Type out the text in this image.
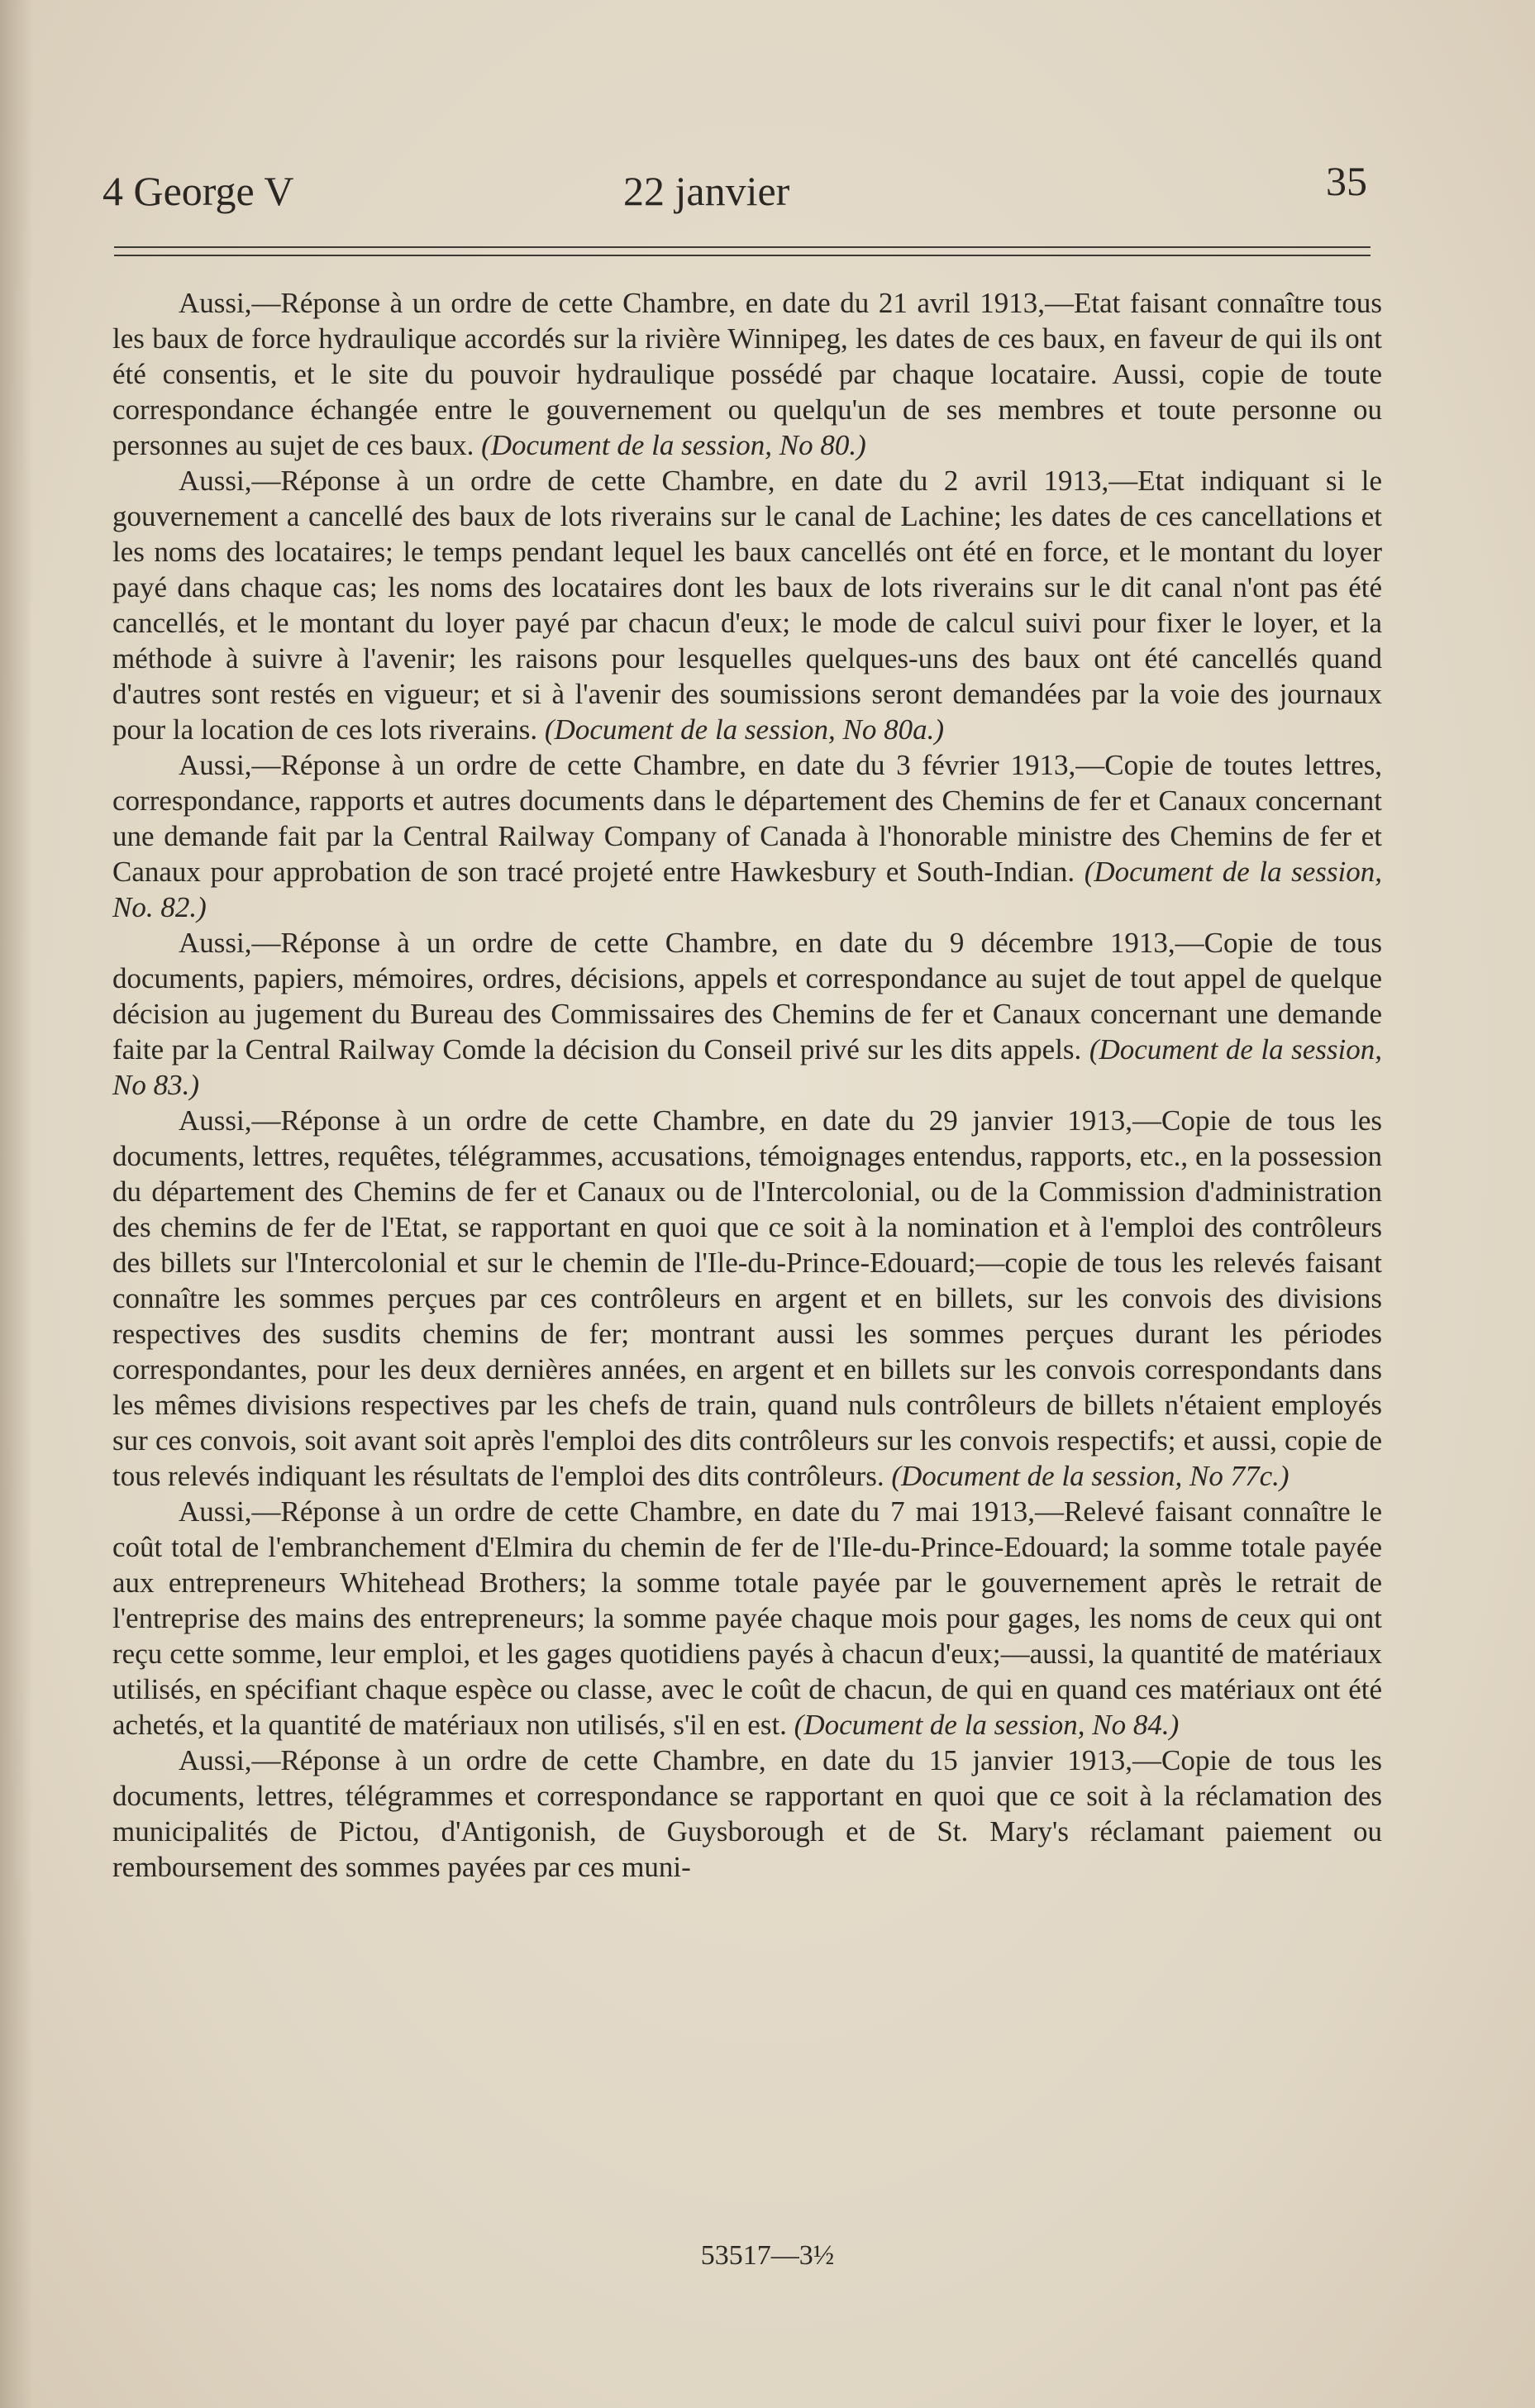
4 George V	22 janvier	35

Aussi,—Réponse à un ordre de cette Chambre, en date du 21 avril 1913,—Etat faisant connaître tous les baux de force hydraulique accordés sur la rivière Winnipeg, les dates de ces baux, en faveur de qui ils ont été consentis, et le site du pouvoir hydraulique possédé par chaque locataire. Aussi, copie de toute correspondance échangée entre le gouvernement ou quelqu'un de ses membres et toute personne ou personnes au sujet de ces baux. (Document de la session, No 80.)

Aussi,—Réponse à un ordre de cette Chambre, en date du 2 avril 1913,—Etat indiquant si le gouvernement a cancellé des baux de lots riverains sur le canal de Lachine; les dates de ces cancellations et les noms des locataires; le temps pendant lequel les baux cancellés ont été en force, et le montant du loyer payé dans chaque cas; les noms des locataires dont les baux de lots riverains sur le dit canal n'ont pas été cancellés, et le montant du loyer payé par chacun d'eux; le mode de calcul suivi pour fixer le loyer, et la méthode à suivre à l'avenir; les raisons pour lesquelles quelques-uns des baux ont été cancellés quand d'autres sont restés en vigueur; et si à l'avenir des soumissions seront demandées par la voie des journaux pour la location de ces lots riverains. (Document de la session, No 80a.)

Aussi,—Réponse à un ordre de cette Chambre, en date du 3 février 1913,—Copie de toutes lettres, correspondance, rapports et autres documents dans le département des Chemins de fer et Canaux concernant une demande fait par la Central Railway Company of Canada à l'honorable ministre des Chemins de fer et Canaux pour approbation de son tracé projeté entre Hawkesbury et South-Indian. (Document de la session, No. 82.)

Aussi,—Réponse à un ordre de cette Chambre, en date du 9 décembre 1913,—Copie de tous documents, papiers, mémoires, ordres, décisions, appels et correspondance au sujet de tout appel de quelque décision au jugement du Bureau des Commissaires des Chemins de fer et Canaux concernant une demande faite par la Central Railway Comde la décision du Conseil privé sur les dits appels. (Document de la session, No 83.)

Aussi,—Réponse à un ordre de cette Chambre, en date du 29 janvier 1913,—Copie de tous les documents, lettres, requêtes, télégrammes, accusations, témoignages entendus, rapports, etc., en la possession du département des Chemins de fer et Canaux ou de l'Intercolonial, ou de la Commission d'administration des chemins de fer de l'Etat, se rapportant en quoi que ce soit à la nomination et à l'emploi des contrôleurs des billets sur l'Intercolonial et sur le chemin de l'Ile-du-Prince-Edouard;—copie de tous les relevés faisant connaître les sommes perçues par ces contrôleurs en argent et en billets, sur les convois des divisions respectives des susdits chemins de fer; montrant aussi les sommes perçues durant les périodes correspondantes, pour les deux dernières années, en argent et en billets sur les convois correspondants dans les mêmes divisions respectives par les chefs de train, quand nuls contrôleurs de billets n'étaient employés sur ces convois, soit avant soit après l'emploi des dits contrôleurs sur les convois respectifs; et aussi, copie de tous relevés indiquant les résultats de l'emploi des dits contrôleurs. (Document de la session, No 77c.)

Aussi,—Réponse à un ordre de cette Chambre, en date du 7 mai 1913,—Relevé faisant connaître le coût total de l'embranchement d'Elmira du chemin de fer de l'Ile-du-Prince-Edouard; la somme totale payée aux entrepreneurs Whitehead Brothers; la somme totale payée par le gouvernement après le retrait de l'entreprise des mains des entrepreneurs; la somme payée chaque mois pour gages, les noms de ceux qui ont reçu cette somme, leur emploi, et les gages quotidiens payés à chacun d'eux;—aussi, la quantité de matériaux utilisés, en spécifiant chaque espèce ou classe, avec le coût de chacun, de qui en quand ces matériaux ont été achetés, et la quantité de matériaux non utilisés, s'il en est. (Document de la session, No 84.)

Aussi,—Réponse à un ordre de cette Chambre, en date du 15 janvier 1913,—Copie de tous les documents, lettres, télégrammes et correspondance se rapportant en quoi que ce soit à la réclamation des municipalités de Pictou, d'Antigonish, de Guysborough et de St. Mary's réclamant paiement ou remboursement des sommes payées par ces muni-

53517—3½
